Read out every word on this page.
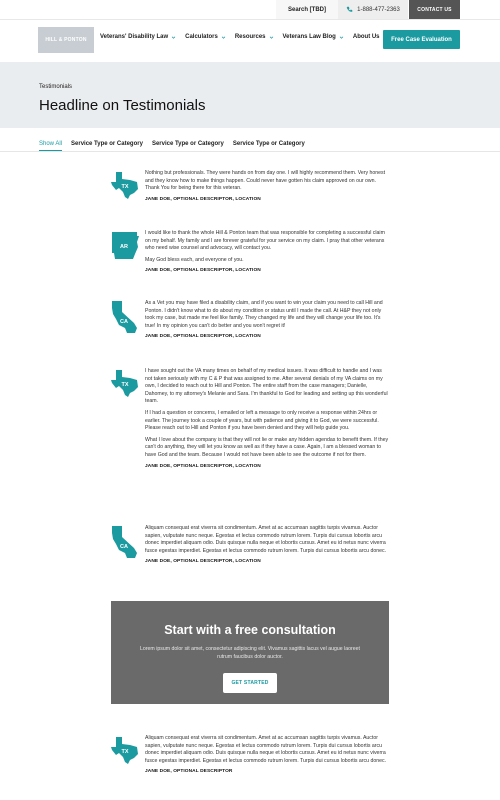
Search [TBD]	1-888-477-2363	CONTACT US
HILL & PONTON	Veterans' Disability Law	Calculators	Resources	Veterans Law Blog	About Us	Free Case Evaluation
Testimonials
Headline on Testimonials
Show All Service Type or Category Service Type or Category Service Type or Category
TX

Nothing but professionals. They were hands on from day one. I will highly recommend them. Very honest and they know how to make things happen. Could never have gotten his claim approved on our own. Thank You for being there for this veteran.

JANE DOE, OPTIONAL DESCRIPTOR, LOCATION
AR

I would like to thank the whole Hill & Ponton team that was responsible for completing a successful claim on my behalf. My family and I are forever grateful for your service on my claim. I pray that other veterans who need wise counsel and advocacy, will contact you.

May God bless each, and everyone of you.

JANE DOE, OPTIONAL DESCRIPTOR, LOCATION
CA

As a Vet you may have filed a disability claim, and if you want to win your claim you need to call Hill and Ponton. I didn't know what to do about my condition or status until I made the call. At H&P they not only took my case, but made me feel like family. They changed my life and they will change your life too. It's true! In my opinion you can't do better and you won't regret it!

JANE DOE, OPTIONAL DESCRIPTOR, LOCATION
TX

I have sought out the VA many times on behalf of my medical issues. It was difficult to handle and I was not taken seriously with my C & P that was assigned to me. After several denials of my VA claims on my own, I decided to reach out to Hill and Ponton. The entire staff from the case managers; Danielle, Dahomey, to my attorney's Melanie and Sara. I'm thankful to God for leading and setting up this wonderful team.

If I had a question or concerns, I emailed or left a message to only receive a response within 24hrs or earlier. The journey took a couple of years, but with patience and giving it to God, we were successful. Please reach out to Hill and Ponton if you have been denied and they will help guide you.

What I love about the company is that they will not lie or make any hidden agendas to benefit them. If they can't do anything, they will let you know as well as if they have a case. Again, I am a blessed woman to have God and the team. Because I would not have been able to see the outcome if not for them.

JANE DOE, OPTIONAL DESCRIPTOR, LOCATION
CA

Aliquam consequat erat viverra sit condimentum. Amet at ac accumsan sagittis turpis vivamus. Auctor sapien, vulputate nunc neque. Egestas et lectus commodo rutrum lorem. Turpis dui cursus lobortis arcu donec imperdiet aliquam odio. Duis quisque nulla neque et lobortis cursus. Amet eu id netus nunc viverra fusce egestas imperdiet. Egestas et lectus commodo rutrum lorem. Turpis dui cursus lobortis arcu donec.

JANE DOE, OPTIONAL DESCRIPTOR, LOCATION
Start with a free consultation
Lorem ipsum dolor sit amet, consectetur adipiscing elit. Vivamus sagittis lacus vel augue laoreet rutrum faucibus dolor auctor.
GET STARTED
TX

Aliquam consequat erat viverra sit condimentum. Amet at ac accumsan sagittis turpis vivamus. Auctor sapien, vulputate nunc neque. Egestas et lectus commodo rutrum lorem. Turpis dui cursus lobortis arcu donec imperdiet aliquam odio. Duis quisque nulla neque et lobortis cursus. Amet eu id netus nunc viverra fusce egestas imperdiet. Egestas et lectus commodo rutrum lorem. Turpis dui cursus lobortis arcu donec.

JANE DOE, OPTIONAL DESCRIPTOR
